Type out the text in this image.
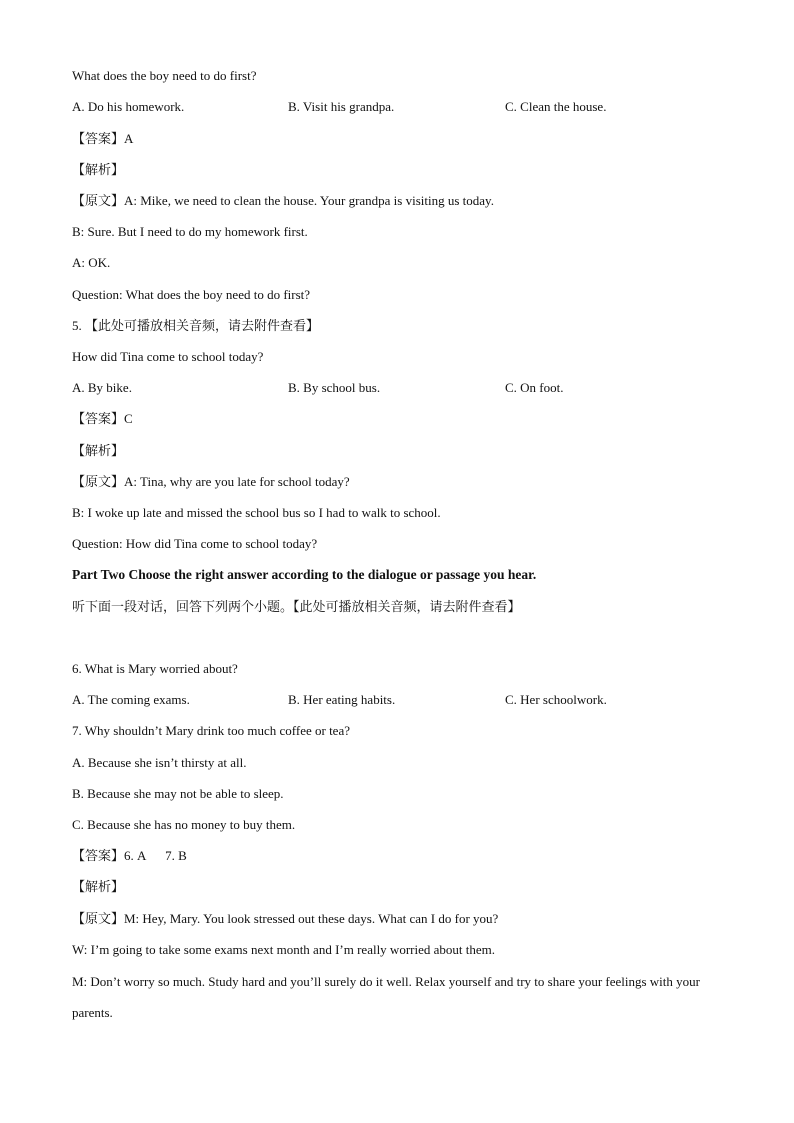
What does the boy need to do first?
A. Do his homework.	B. Visit his grandpa.	C. Clean the house.
【答案】A
【解析】
【原文】A: Mike, we need to clean the house. Your grandpa is visiting us today.
B: Sure. But I need to do my homework first.
A: OK.
Question: What does the boy need to do first?
5. 【此处可播放相关音频，请去附件查看】
How did Tina come to school today?
A. By bike.	B. By school bus.	C. On foot.
【答案】C
【解析】
【原文】A: Tina, why are you late for school today?
B: I woke up late and missed the school bus so I had to walk to school.
Question: How did Tina come to school today?
Part Two Choose the right answer according to the dialogue or passage you hear.
听下面一段对话，回答下列两个小题。【此处可播放相关音频，请去附件查看】
6. What is Mary worried about?
A. The coming exams.	B. Her eating habits.	C. Her schoolwork.
7. Why shouldn’t Mary drink too much coffee or tea?
A. Because she isn’t thirsty at all.
B. Because she may not be able to sleep.
C. Because she has no money to buy them.
【答案】6. A      7. B
【解析】
【原文】M: Hey, Mary. You look stressed out these days. What can I do for you?
W: I’m going to take some exams next month and I’m really worried about them.
M: Don’t worry so much. Study hard and you’ll surely do it well. Relax yourself and try to share your feelings with your parents.
